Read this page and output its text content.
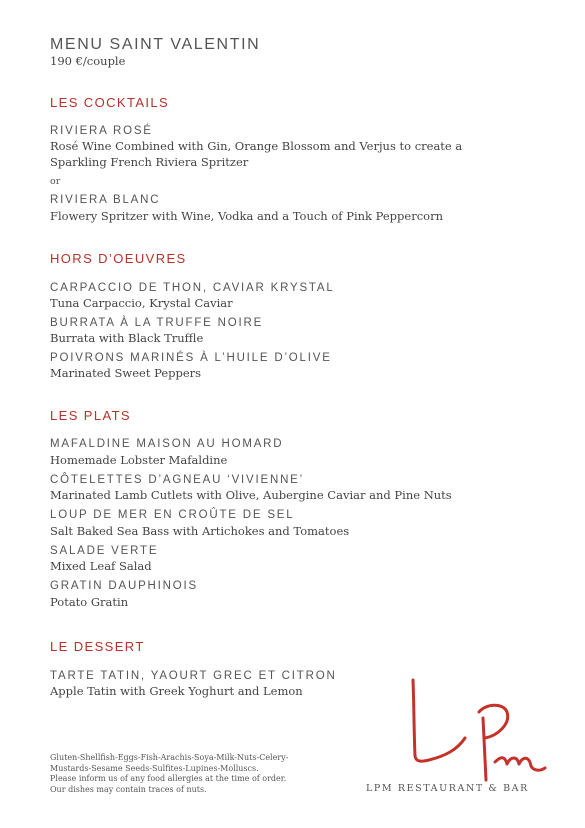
MENU SAINT VALENTIN
190 €/couple
LES COCKTAILS
RIVIERA ROSÉ
Rosé Wine Combined with Gin, Orange Blossom and Verjus to create a
Sparkling French Riviera Spritzer
or
RIVIERA BLANC
Flowery Spritzer with Wine, Vodka and a Touch of Pink Peppercorn
HORS D’OEUVRES
CARPACCIO DE THON, CAVIAR KRYSTAL
Tuna Carpaccio, Krystal Caviar
BURRATA À LA TRUFFE NOIRE
Burrata with Black Truffle
POIVRONS MARINÉS À L’HUILE D’OLIVE
Marinated Sweet Peppers
LES PLATS
MAFALDINE MAISON AU HOMARD
Homemade Lobster Mafaldine
CÔTELETTES D’AGNEAU ‘VIVIENNE’
Marinated Lamb Cutlets with Olive, Aubergine Caviar and Pine Nuts
LOUP DE MER EN CROÛTE DE SEL
Salt Baked Sea Bass with Artichokes and Tomatoes
SALADE VERTE
Mixed Leaf Salad
GRATIN DAUPHINOIS
Potato Gratin
LE DESSERT
TARTE TATIN, YAOURT GREC ET CITRON
Apple Tatin with Greek Yoghurt and Lemon
Gluten-Shellfish-Eggs-Fish-Arachis-Soya-Milk-Nuts-Celery-
Mustards-Sesame Seeds-Sulfites-Lupines-Molluscs.
Please inform us of any food allergies at the time of order.
Our dishes may contain traces of nuts.	LPM RESTAURANT & BAR
